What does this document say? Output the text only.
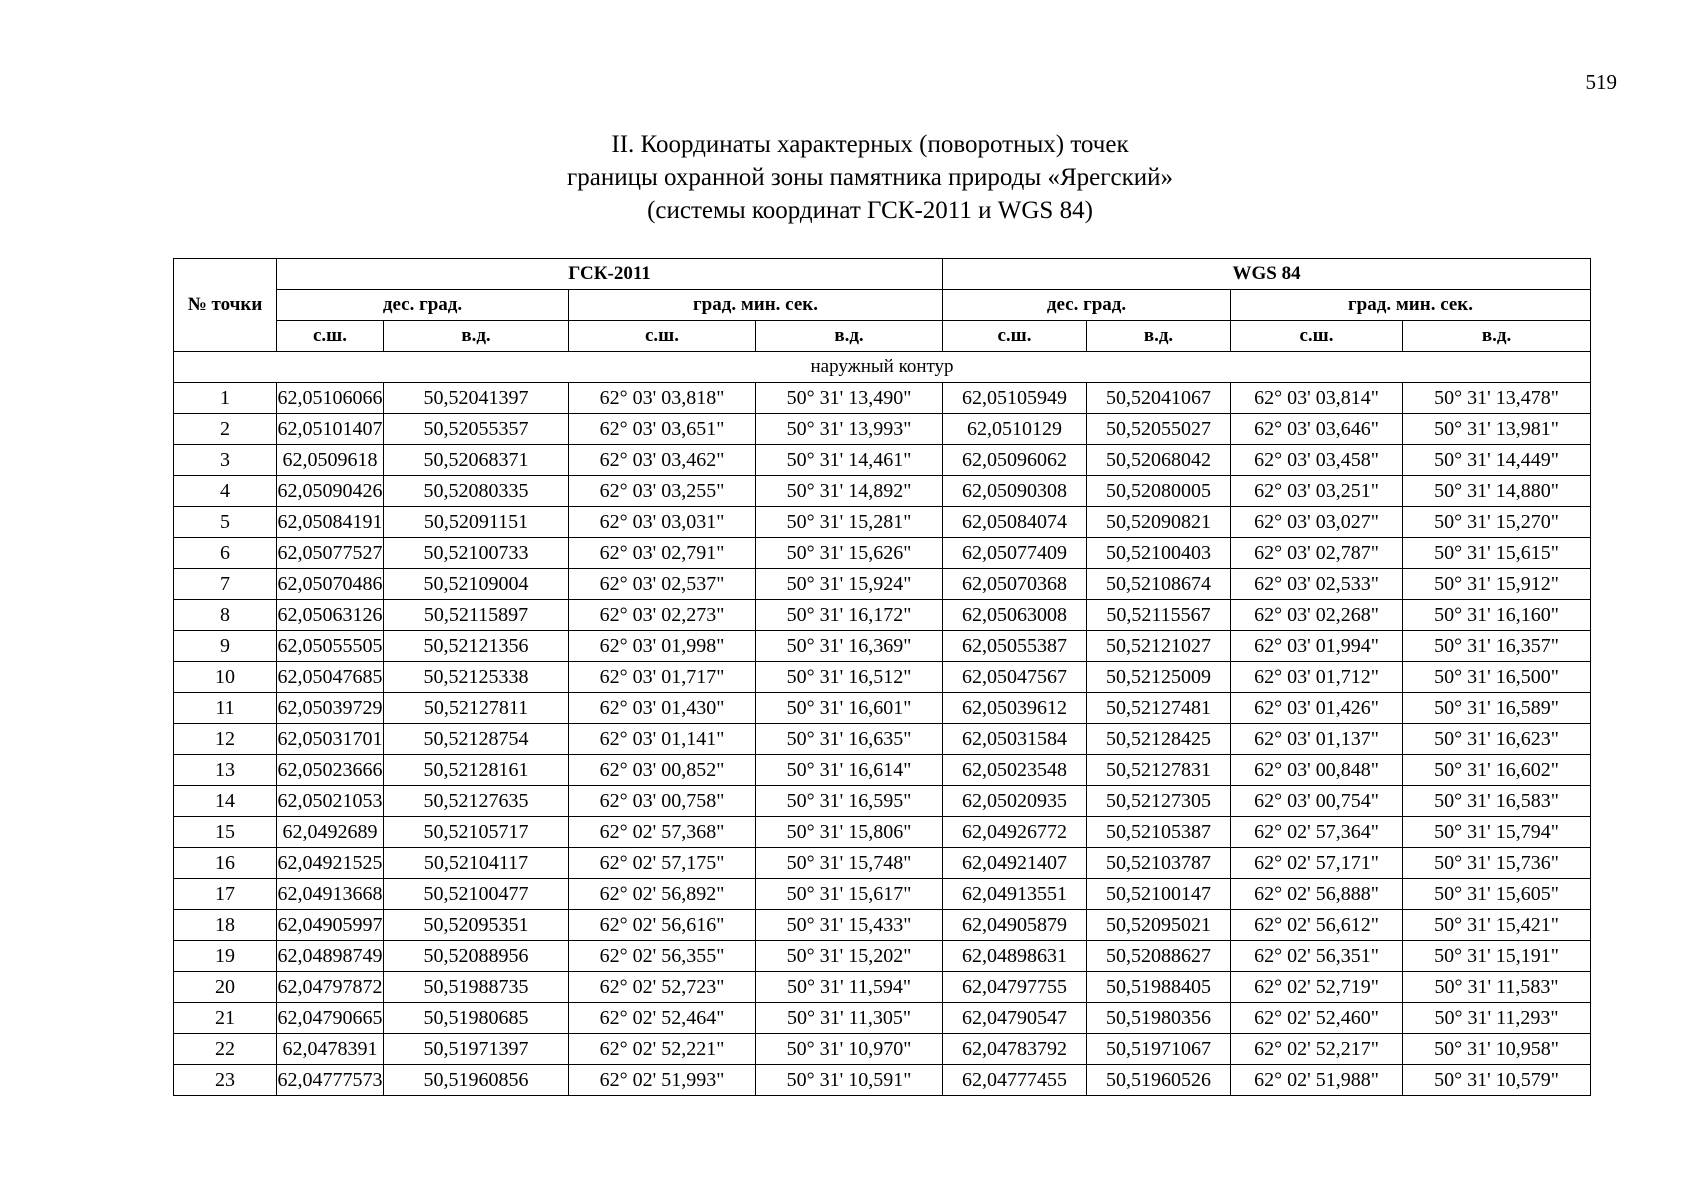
519
II. Координаты характерных (поворотных) точек
границы охранной зоны памятника природы «Ярегский»
(системы координат ГСК-2011 и WGS 84)
№ точки	ГСК-2011				WGS 84			
	дес. град.		град. мин. сек.		дес. град.		град. мин. сек.	
	с.ш.	в.д.	с.ш.	в.д.	с.ш.	в.д.	с.ш.	в.д.
наружный контур								
1	62,05106066	50,52041397	62° 03' 03,818"	50° 31' 13,490"	62,05105949	50,52041067	62° 03' 03,814"	50° 31' 13,478"
2	62,05101407	50,52055357	62° 03' 03,651"	50° 31' 13,993"	62,0510129	50,52055027	62° 03' 03,646"	50° 31' 13,981"
3	62,0509618	50,52068371	62° 03' 03,462"	50° 31' 14,461"	62,05096062	50,52068042	62° 03' 03,458"	50° 31' 14,449"
4	62,05090426	50,52080335	62° 03' 03,255"	50° 31' 14,892"	62,05090308	50,52080005	62° 03' 03,251"	50° 31' 14,880"
5	62,05084191	50,52091151	62° 03' 03,031"	50° 31' 15,281"	62,05084074	50,52090821	62° 03' 03,027"	50° 31' 15,270"
6	62,05077527	50,52100733	62° 03' 02,791"	50° 31' 15,626"	62,05077409	50,52100403	62° 03' 02,787"	50° 31' 15,615"
7	62,05070486	50,52109004	62° 03' 02,537"	50° 31' 15,924"	62,05070368	50,52108674	62° 03' 02,533"	50° 31' 15,912"
8	62,05063126	50,52115897	62° 03' 02,273"	50° 31' 16,172"	62,05063008	50,52115567	62° 03' 02,268"	50° 31' 16,160"
9	62,05055505	50,52121356	62° 03' 01,998"	50° 31' 16,369"	62,05055387	50,52121027	62° 03' 01,994"	50° 31' 16,357"
10	62,05047685	50,52125338	62° 03' 01,717"	50° 31' 16,512"	62,05047567	50,52125009	62° 03' 01,712"	50° 31' 16,500"
11	62,05039729	50,52127811	62° 03' 01,430"	50° 31' 16,601"	62,05039612	50,52127481	62° 03' 01,426"	50° 31' 16,589"
12	62,05031701	50,52128754	62° 03' 01,141"	50° 31' 16,635"	62,05031584	50,52128425	62° 03' 01,137"	50° 31' 16,623"
13	62,05023666	50,52128161	62° 03' 00,852"	50° 31' 16,614"	62,05023548	50,52127831	62° 03' 00,848"	50° 31' 16,602"
14	62,05021053	50,52127635	62° 03' 00,758"	50° 31' 16,595"	62,05020935	50,52127305	62° 03' 00,754"	50° 31' 16,583"
15	62,0492689	50,52105717	62° 02' 57,368"	50° 31' 15,806"	62,04926772	50,52105387	62° 02' 57,364"	50° 31' 15,794"
16	62,04921525	50,52104117	62° 02' 57,175"	50° 31' 15,748"	62,04921407	50,52103787	62° 02' 57,171"	50° 31' 15,736"
17	62,04913668	50,52100477	62° 02' 56,892"	50° 31' 15,617"	62,04913551	50,52100147	62° 02' 56,888"	50° 31' 15,605"
18	62,04905997	50,52095351	62° 02' 56,616"	50° 31' 15,433"	62,04905879	50,52095021	62° 02' 56,612"	50° 31' 15,421"
19	62,04898749	50,52088956	62° 02' 56,355"	50° 31' 15,202"	62,04898631	50,52088627	62° 02' 56,351"	50° 31' 15,191"
20	62,04797872	50,51988735	62° 02' 52,723"	50° 31' 11,594"	62,04797755	50,51988405	62° 02' 52,719"	50° 31' 11,583"
21	62,04790665	50,51980685	62° 02' 52,464"	50° 31' 11,305"	62,04790547	50,51980356	62° 02' 52,460"	50° 31' 11,293"
22	62,0478391	50,51971397	62° 02' 52,221"	50° 31' 10,970"	62,04783792	50,51971067	62° 02' 52,217"	50° 31' 10,958"
23	62,04777573	50,51960856	62° 02' 51,993"	50° 31' 10,591"	62,04777455	50,51960526	62° 02' 51,988"	50° 31' 10,579"
